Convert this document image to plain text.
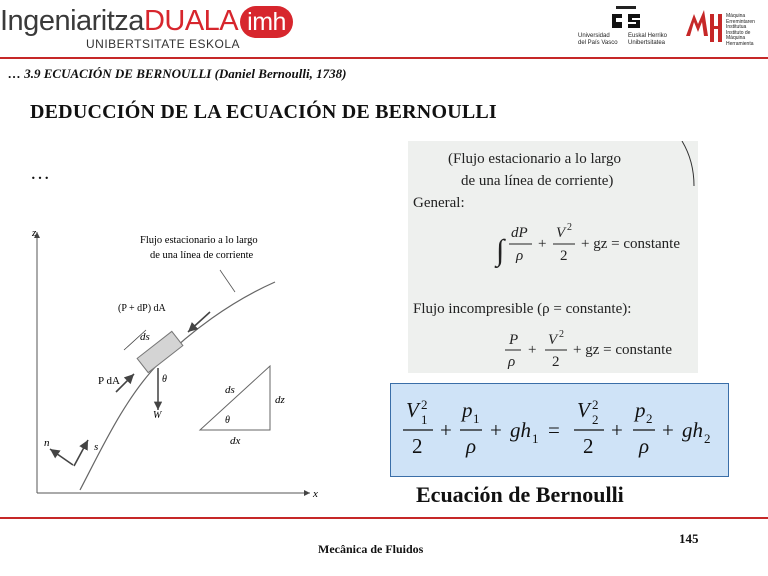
IngeniaritzaDUALA imh
UNIBERTSITATE ESKOLA
Universidad
del País Vasco
Euskal Herriko
Unibertsitatea
Máquina
Erremintaren
Institutua
Instituto de
Máquina
Herramienta
… 3.9 ECUACIÓN DE BERNOULLI (Daniel Bernoulli, 1738)
DEDUCCIÓN DE LA ECUACIÓN DE BERNOULLI
…
z
x
Flujo estacionario a lo largo
de una línea de corriente
(P + dP) dA
ds
W
θ
P dA
n	s
ds
dz
dx
θ
(Flujo estacionario a lo largo
de una línea de corriente)
General:
∫
dP
ρ
+
V 2
2
+ gz = constante
Flujo incompresible (ρ = constante):
P
ρ
+
V 2
2
+ gz = constante
V 2
1
2
+
p 1
ρ
+ gh 1 =
V 2
2
2
+
p 2
ρ
+ gh 2
Ecuación de Bernoulli
145
Mecânica de Fluidos
